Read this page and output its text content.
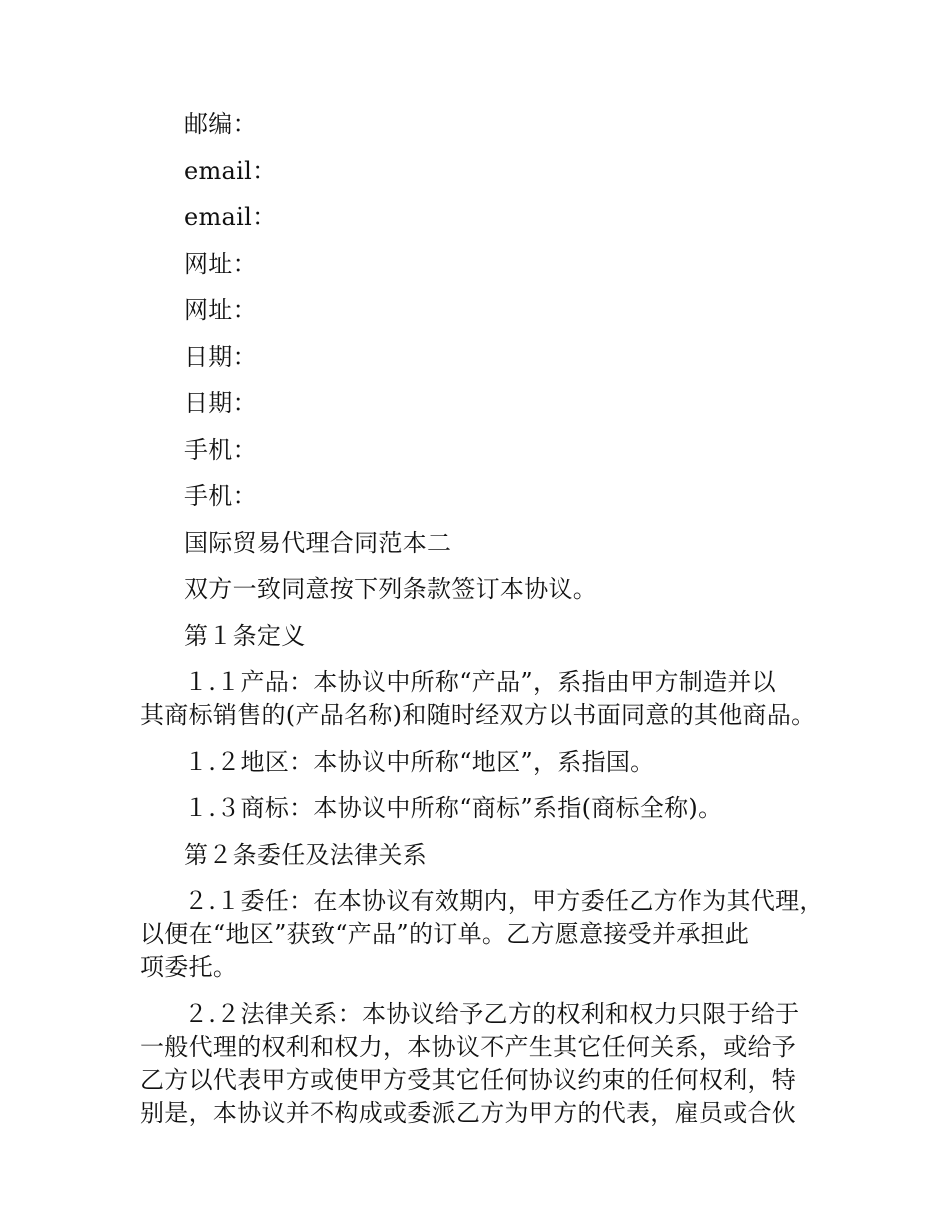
邮编：
email：
email：
网址：
网址：
日期：
日期：
手机：
手机：
国际贸易代理合同范本二
双方一致同意按下列条款签订本协议。
第１条定义
１.１产品：本协议中所称“产品”，系指由甲方制造并以
其商标销售的(产品名称)和随时经双方以书面同意的其他商品。
１.２地区：本协议中所称“地区”，系指国。
１.３商标：本协议中所称“商标”系指(商标全称)。
第２条委任及法律关系
２.１委任：在本协议有效期内，甲方委任乙方作为其代理，
以便在“地区”获致“产品”的订单。乙方愿意接受并承担此
项委托。
２.２法律关系：本协议给予乙方的权利和权力只限于给于
一般代理的权利和权力，本协议不产生其它任何关系，或给予
乙方以代表甲方或使甲方受其它任何协议约束的任何权利，特
别是，本协议并不构成或委派乙方为甲方的代表，雇员或合伙
